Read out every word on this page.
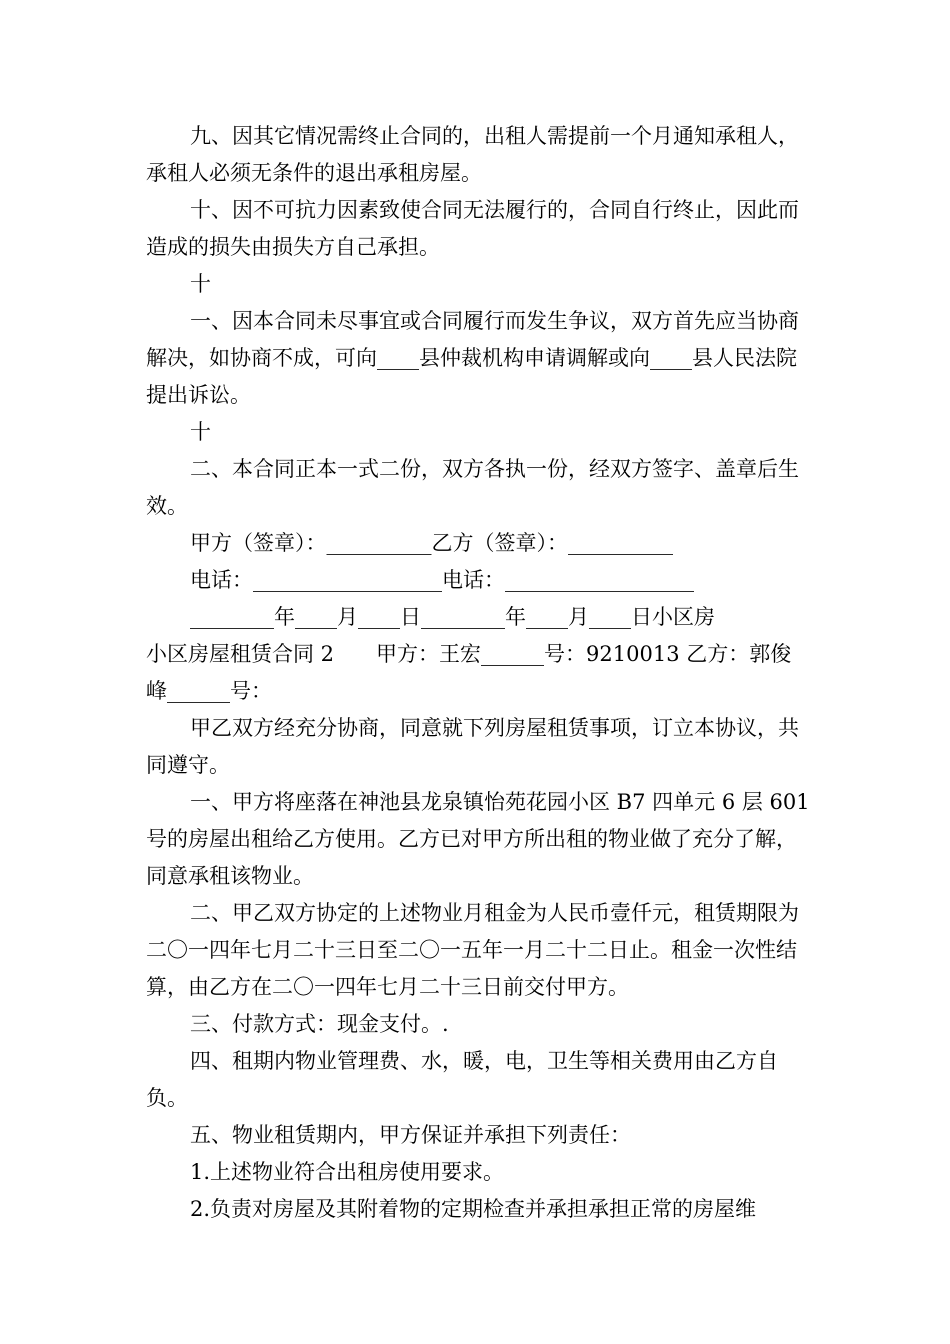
九、因其它情况需终止合同的，出租人需提前一个月通知承租人，承租人必须无条件的退出承租房屋。

十、因不可抗力因素致使合同无法履行的，合同自行终止，因此而造成的损失由损失方自己承担。

十

一、因本合同未尽事宜或合同履行而发生争议，双方首先应当协商解决，如协商不成，可向____县仲裁机构申请调解或向____县人民法院提出诉讼。

十

二、本合同正本一式二份，双方各执一份，经双方签字、盖章后生效。

甲方（签章）：__________乙方（签章）：__________

电话：__________________电话：__________________

________年____月____日________年____月____日小区房

小区房屋租赁合同 2　　甲方：王宏______号：9210013 乙方：郭俊峰______号：

甲乙双方经充分协商，同意就下列房屋租赁事项，订立本协议，共同遵守。

一、甲方将座落在神池县龙泉镇怡苑花园小区 B7 四单元 6 层 601 号的房屋出租给乙方使用。乙方已对甲方所出租的物业做了充分了解，同意承租该物业。

二、甲乙双方协定的上述物业月租金为人民币壹仟元，租赁期限为二〇一四年七月二十三日至二〇一五年一月二十二日止。租金一次性结算，由乙方在二〇一四年七月二十三日前交付甲方。

三、付款方式：现金支付。.

四、租期内物业管理费、水，暖，电，卫生等相关费用由乙方自负。

五、物业租赁期内，甲方保证并承担下列责任：

1.上述物业符合出租房使用要求。

2.负责对房屋及其附着物的定期检查并承担承担正常的房屋维
